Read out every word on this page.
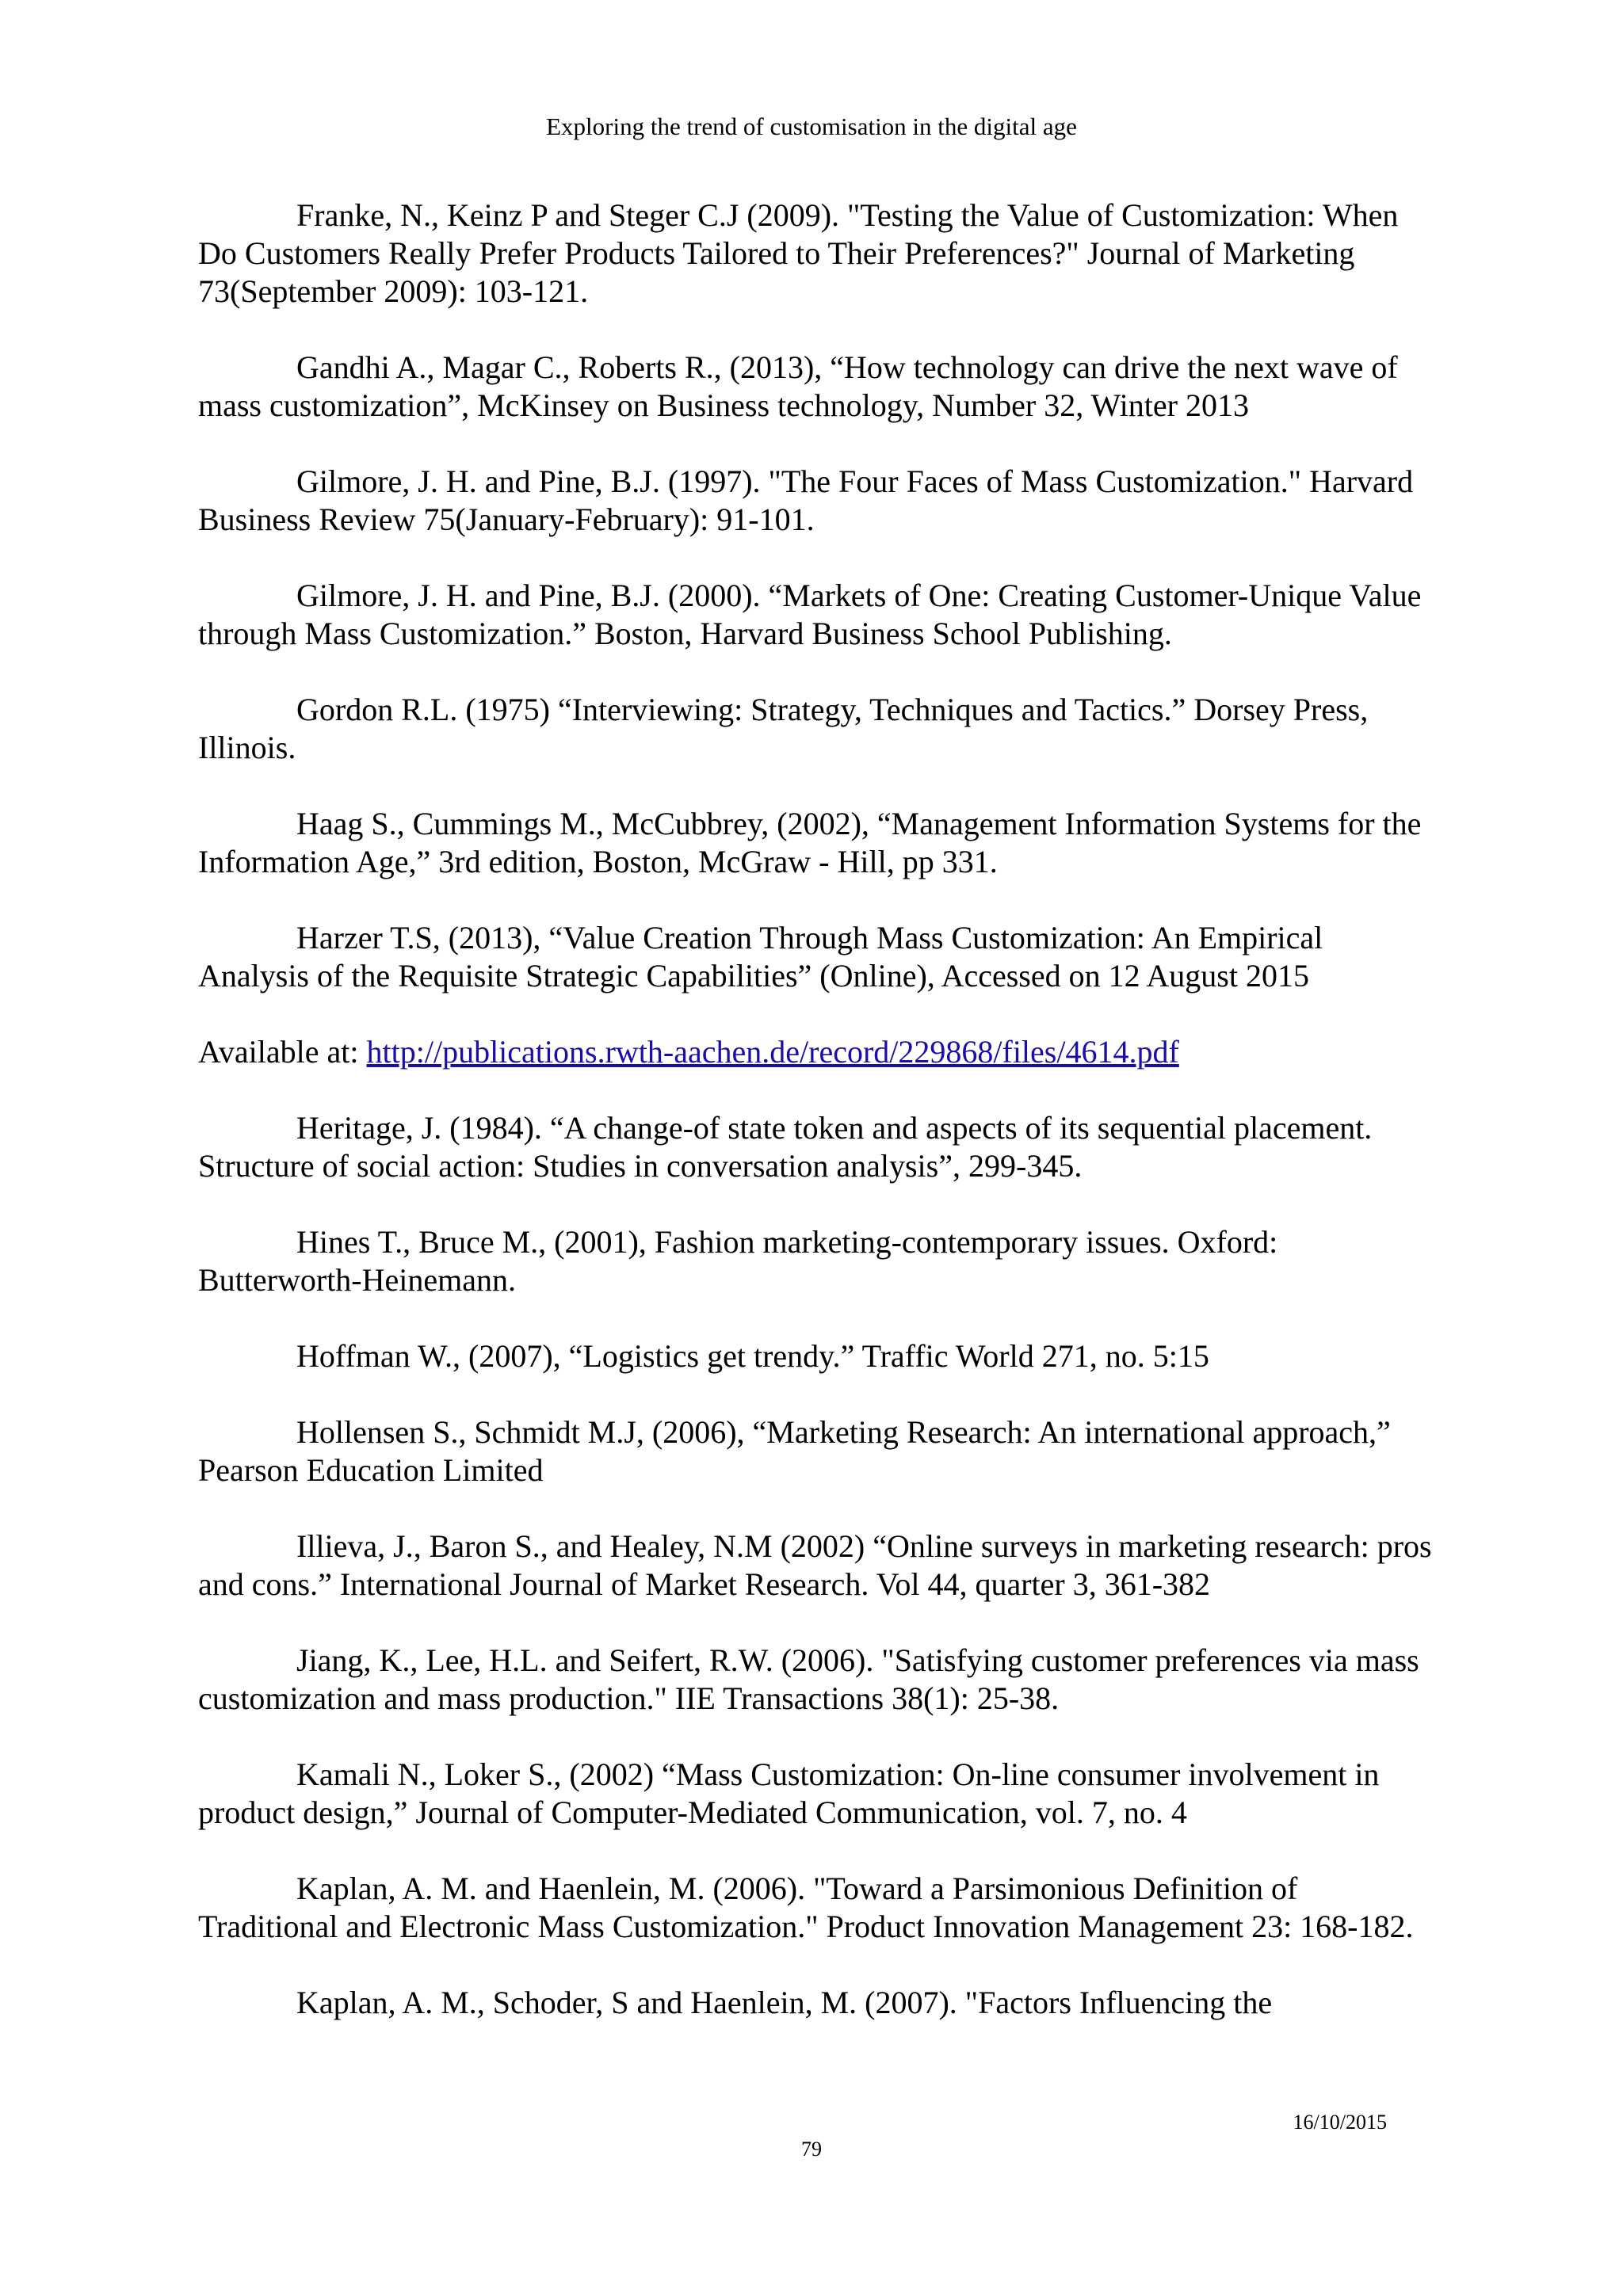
Exploring the trend of customisation in the digital age

Franke, N., Keinz P and Steger C.J (2009). "Testing the Value of Customization: When Do Customers Really Prefer Products Tailored to Their Preferences?" Journal of Marketing 73(September 2009): 103-121.

Gandhi A., Magar C., Roberts R., (2013), “How technology can drive the next wave of mass customization”, McKinsey on Business technology, Number 32, Winter 2013

Gilmore, J. H. and Pine, B.J. (1997). "The Four Faces of Mass Customization." Harvard Business Review 75(January-February): 91-101.

Gilmore, J. H. and Pine, B.J. (2000). “Markets of One: Creating Customer-Unique Value through Mass Customization.” Boston, Harvard Business School Publishing.

Gordon R.L. (1975) “Interviewing: Strategy, Techniques and Tactics.” Dorsey Press, Illinois.

Haag S., Cummings M., McCubbrey, (2002), “Management Information Systems for the Information Age,” 3rd edition, Boston, McGraw - Hill, pp 331.

Harzer T.S, (2013), “Value Creation Through Mass Customization: An Empirical Analysis of the Requisite Strategic Capabilities” (Online), Accessed on 12 August 2015

Available at: http://publications.rwth-aachen.de/record/229868/files/4614.pdf

Heritage, J. (1984). “A change-of state token and aspects of its sequential placement. Structure of social action: Studies in conversation analysis”, 299-345.

Hines T., Bruce M., (2001), Fashion marketing-contemporary issues. Oxford: Butterworth-Heinemann.

Hoffman W., (2007), “Logistics get trendy.” Traffic World 271, no. 5:15

Hollensen S., Schmidt M.J, (2006), “Marketing Research: An international approach,” Pearson Education Limited

Illieva, J., Baron S., and Healey, N.M (2002) “Online surveys in marketing research: pros and cons.” International Journal of Market Research. Vol 44, quarter 3, 361-382

Jiang, K., Lee, H.L. and Seifert, R.W. (2006). "Satisfying customer preferences via mass customization and mass production." IIE Transactions 38(1): 25-38.

Kamali N., Loker S., (2002) “Mass Customization: On-line consumer involvement in product design,” Journal of Computer-Mediated Communication, vol. 7, no. 4

Kaplan, A. M. and Haenlein, M. (2006). "Toward a Parsimonious Definition of Traditional and Electronic Mass Customization." Product Innovation Management 23: 168-182.

Kaplan, A. M., Schoder, S and Haenlein, M. (2007). "Factors Influencing the

16/10/2015
79
